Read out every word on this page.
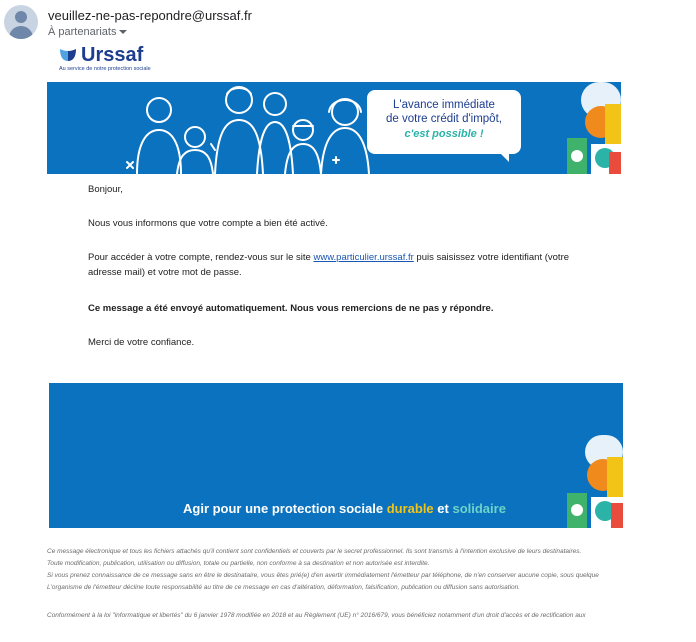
veuillez-ne-pas-repondre@urssaf.fr
À partenariats
Urssaf
Au service de notre protection sociale
L'avance immédiate
de votre crédit d'impôt,
c'est possible !
Bonjour,
Nous vous informons que votre compte a bien été activé.
Pour accéder à votre compte, rendez-vous sur le site www.particulier.urssaf.fr puis saisissez votre identifiant (votre
adresse mail) et votre mot de passe.
Ce message a été envoyé automatiquement. Nous vous remercions de ne pas y répondre.
Merci de votre confiance.
Agir pour une protection sociale durable et solidaire
Ce message électronique et tous les fichiers attachés qu'il contient sont confidentiels et couverts par le secret professionnel. Ils sont transmis à l'intention exclusive de leurs destinataires.
Toute modification, publication, utilisation ou diffusion, totale ou partielle, non conforme à sa destination et non autorisée est interdite.
Si vous prenez connaissance de ce message sans en être le destinataire, vous êtes prié(e) d'en avertir immédiatement l'émetteur par téléphone, de n'en conserver aucune copie, sous quelque
L'organisme de l'émetteur décline toute responsabilité au titre de ce message en cas d'altération, déformation, falsification, publication ou diffusion sans autorisation.
Conformément à la loi "informatique et libertés" du 6 janvier 1978 modifiée en 2018 et au Règlement (UE) n° 2016/679, vous bénéficiez notamment d'un droit d'accès et de rectification aux
